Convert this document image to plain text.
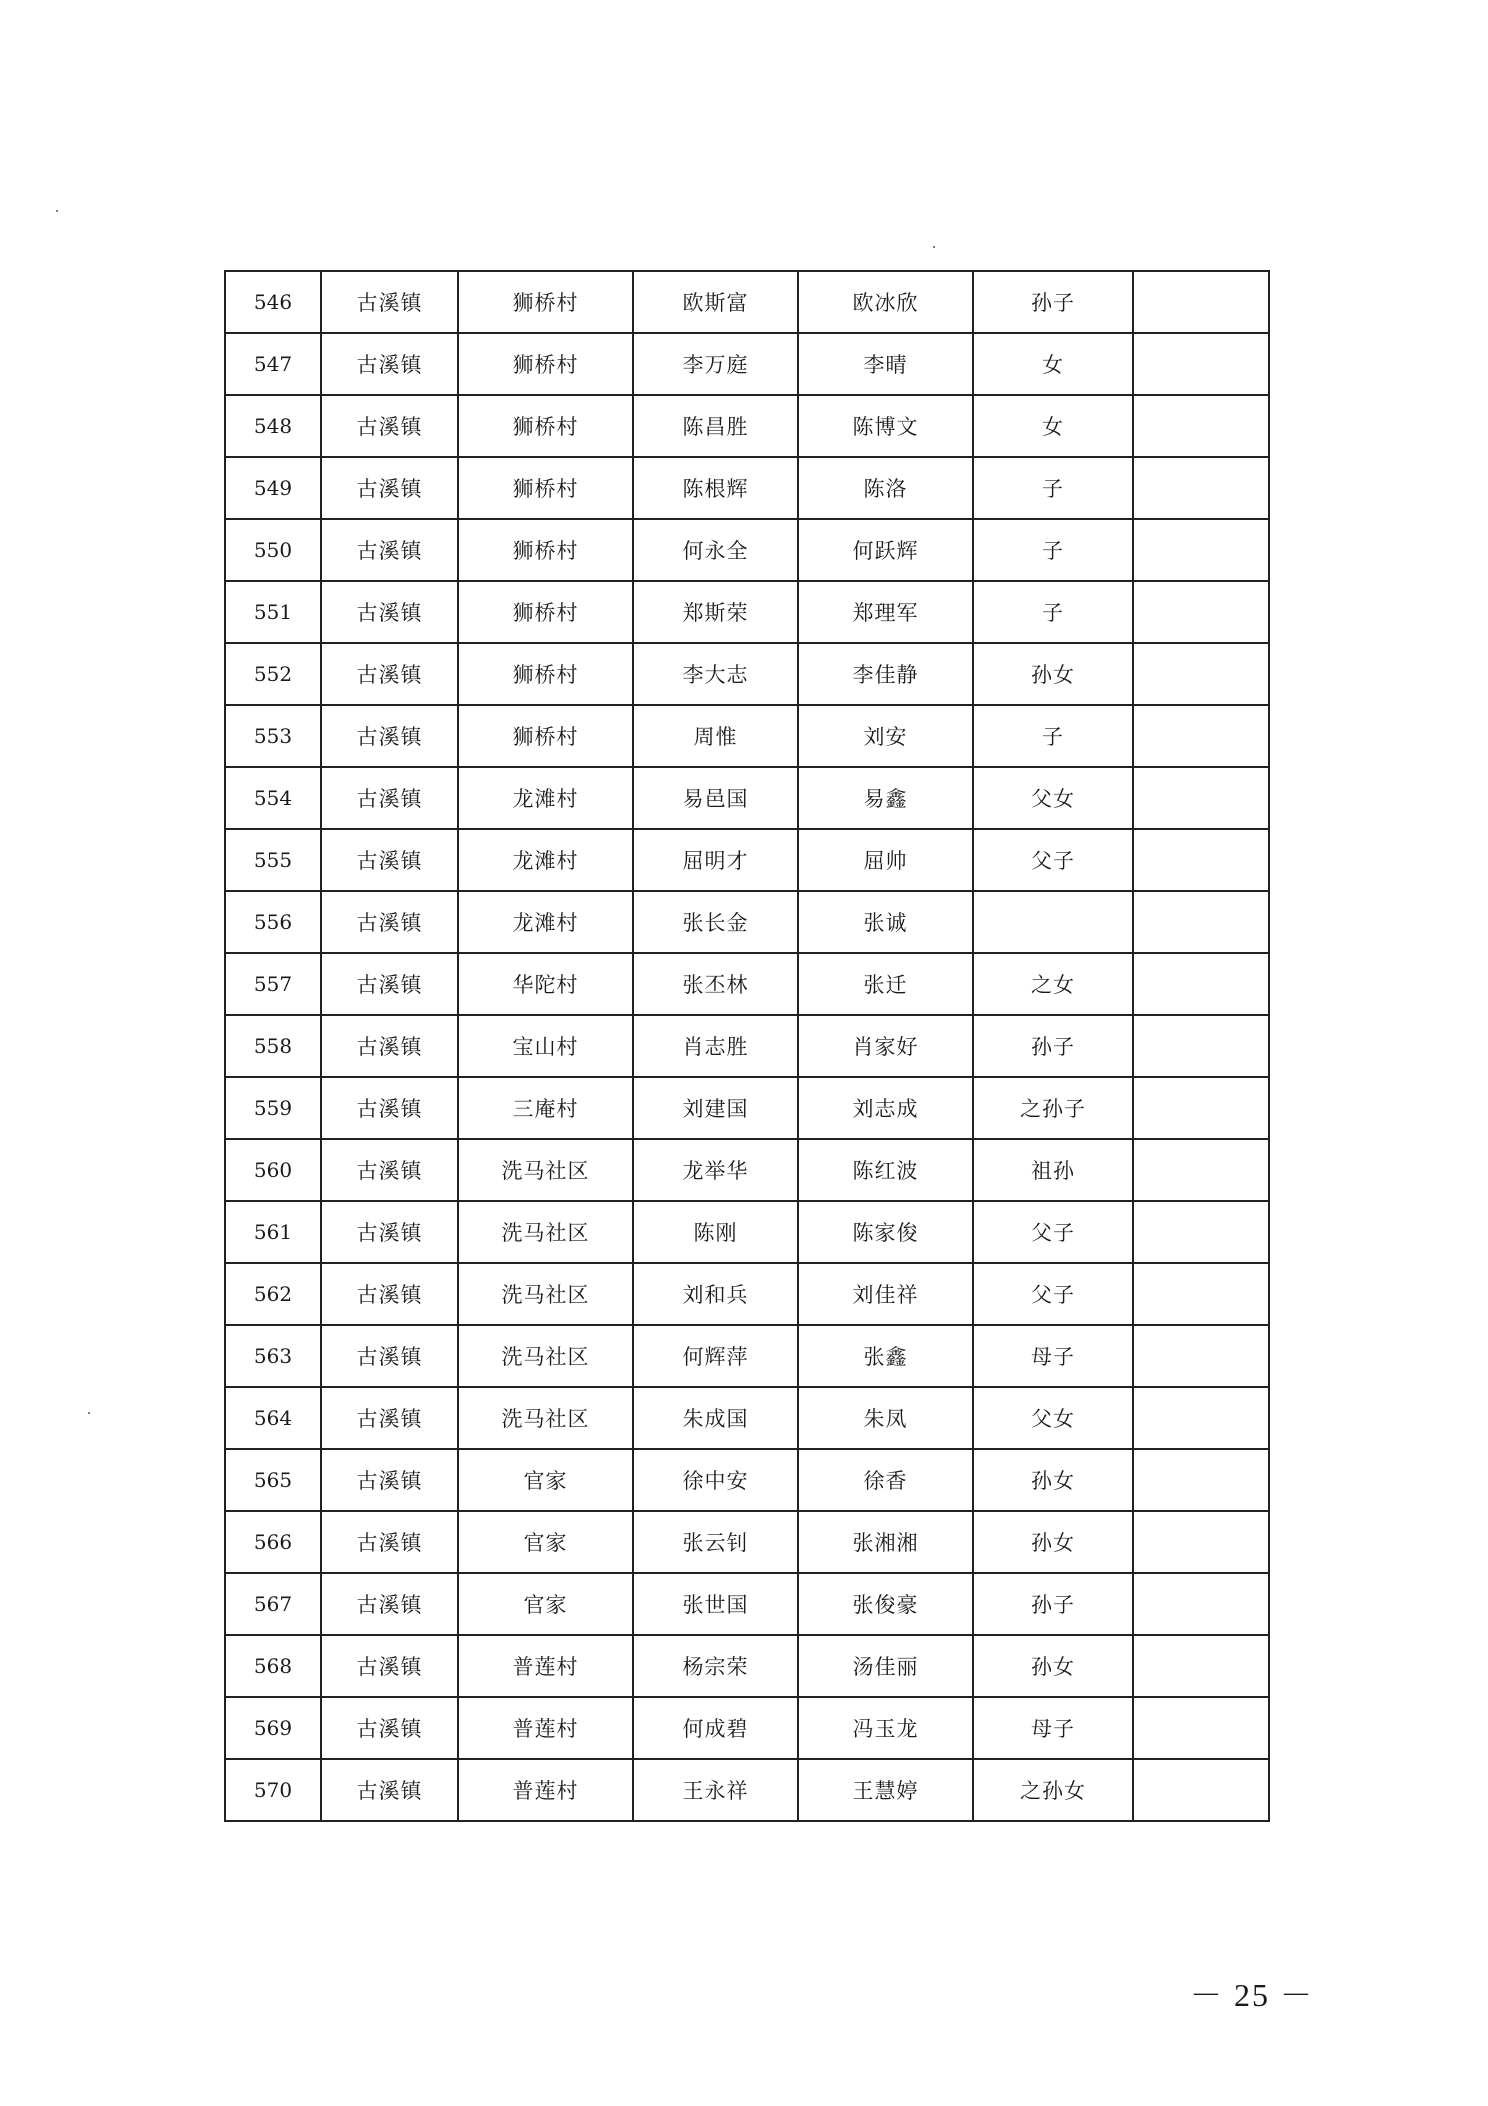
546	古溪镇	狮桥村	欧斯富	欧冰欣	孙子	
547	古溪镇	狮桥村	李万庭	李晴	女	
548	古溪镇	狮桥村	陈昌胜	陈博文	女	
549	古溪镇	狮桥村	陈根辉	陈洛	子	
550	古溪镇	狮桥村	何永全	何跃辉	子	
551	古溪镇	狮桥村	郑斯荣	郑理军	子	
552	古溪镇	狮桥村	李大志	李佳静	孙女	
553	古溪镇	狮桥村	周惟	刘安	子	
554	古溪镇	龙滩村	易邑国	易鑫	父女	
555	古溪镇	龙滩村	屈明才	屈帅	父子	
556	古溪镇	龙滩村	张长金	张诚		
557	古溪镇	华陀村	张丕林	张迁	之女	
558	古溪镇	宝山村	肖志胜	肖家好	孙子	
559	古溪镇	三庵村	刘建国	刘志成	之孙子	
560	古溪镇	洗马社区	龙举华	陈红波	祖孙	
561	古溪镇	洗马社区	陈刚	陈家俊	父子	
562	古溪镇	洗马社区	刘和兵	刘佳祥	父子	
563	古溪镇	洗马社区	何辉萍	张鑫	母子	
564	古溪镇	洗马社区	朱成国	朱凤	父女	
565	古溪镇	官家	徐中安	徐香	孙女	
566	古溪镇	官家	张云钊	张湘湘	孙女	
567	古溪镇	官家	张世国	张俊豪	孙子	
568	古溪镇	普莲村	杨宗荣	汤佳丽	孙女	
569	古溪镇	普莲村	何成碧	冯玉龙	母子	
570	古溪镇	普莲村	王永祥	王慧婷	之孙女	
－ 25 －
